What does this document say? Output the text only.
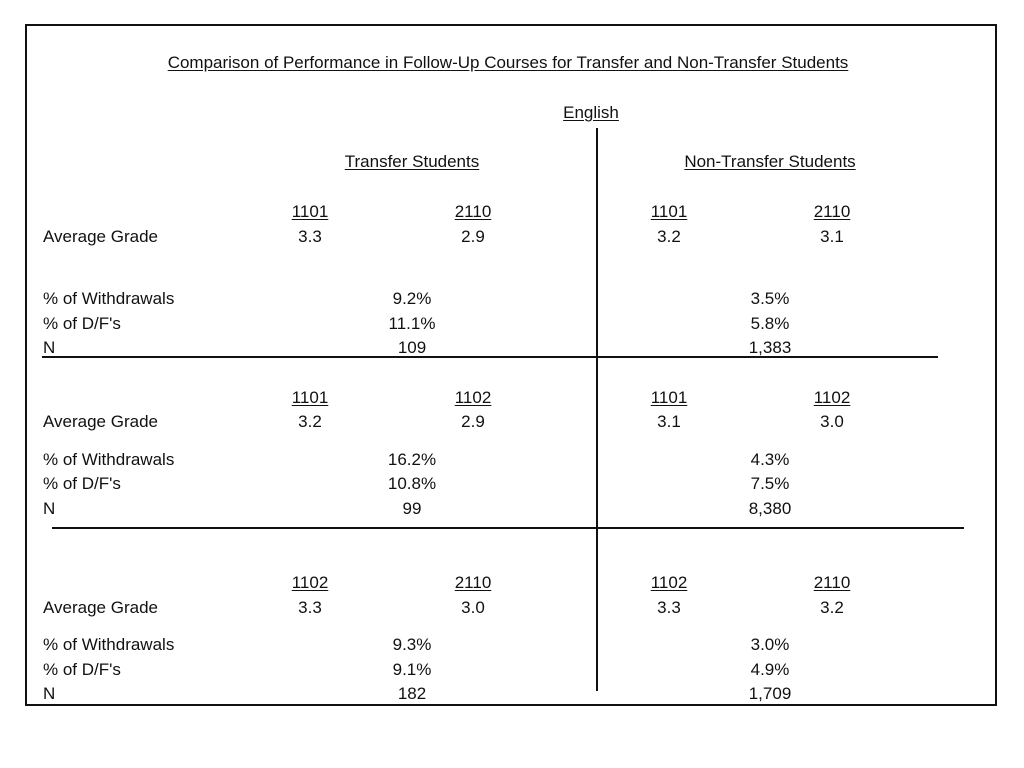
Comparison of Performance in Follow-Up Courses for Transfer and Non-Transfer Students
English
Transfer Students	Non-Transfer Students
1101	2110	1101	2110
Average Grade	3.3	2.9	3.2	3.1
% of Withdrawals	9.2%	3.5%
% of D/F's	11.1%	5.8%
N	109	1,383
1101	1102	1101	1102
Average Grade	3.2	2.9	3.1	3.0
% of Withdrawals	16.2%	4.3%
% of D/F's	10.8%	7.5%
N	99	8,380
1102	2110	1102	2110
Average Grade	3.3	3.0	3.3	3.2
% of Withdrawals	9.3%	3.0%
% of D/F's	9.1%	4.9%
N	182	1,709
